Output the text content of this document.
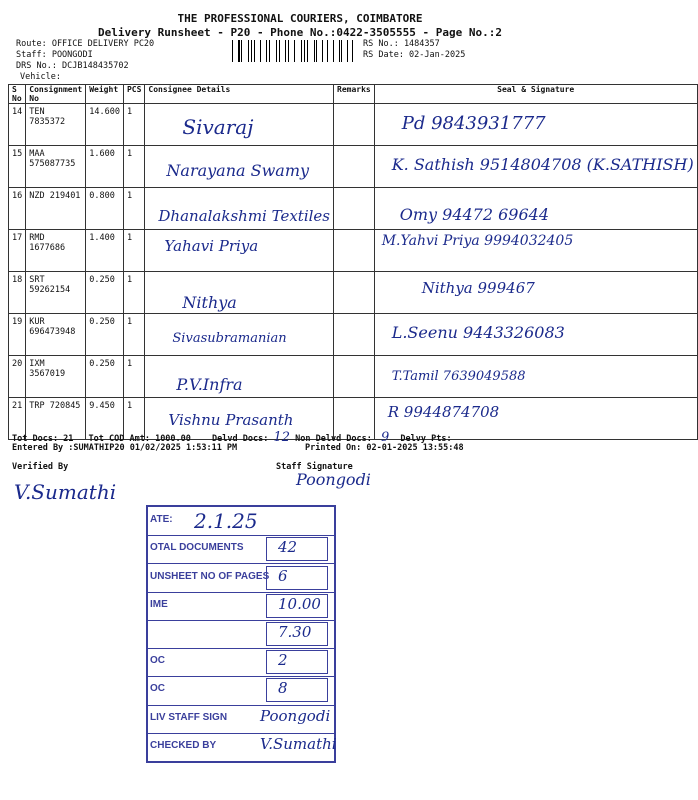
THE PROFESSIONAL COURIERS, COIMBATORE
Delivery Runsheet - P20 - Phone No.:0422-3505555 - Page No.:2
Route: OFFICE DELIVERY PC20
Staff: POONGODI
DRS No.: DCJB148435702
Vehicle:
RS No.: 1484357
RS Date: 02-Jan-2025
S No	Consignment No	Weight	PCS	Consignee Details	Remarks	Seal & Signature
14	TEN 7835372	14.600	1	Sivaraj		Pd 9843931777

15	MAA 575087735	1.600	1	Narayana Swamy		K. Sathish 9514804708 (K.SATHISH)

16	NZD 219401	0.800	1	Dhanalakshmi Textiles		Omy 94472 69644

17	RMD 1677686	1.400	1	Yahavi Priya		M.Yahvi Priya 9994032405

18	SRT 59262154	0.250	1	Nithya		Nithya 999467

19	KUR 696473948	0.250	1	Sivasubramanian		L.Seenu 9443326083

20	IXM 3567019	0.250	1	P.V.Infra		T.Tamil 7639049588

21	TRP 720845	9.450	1	Vishnu Prasanth		R 9944874708
Tot Docs: 21 Tot COD Amt: 1000.00 Delvd Docs: 12 Non Delvd Docs: 9 Delvy Pts:
Entered By :SUMATHIP20 01/02/2025 1:53:11 PM	Printed On: 02-01-2025 13:55:48
Verified By	Staff Signature
V.Sumathi
Poongodi
ATE: 2.1.25
OTAL DOCUMENTS 42
UNSHEET NO OF PAGES 6
IME	10.00
7.30
OC	2
OC	8
LIV STAFF SIGN Poongodi
CHECKED BY	V.Sumathi
